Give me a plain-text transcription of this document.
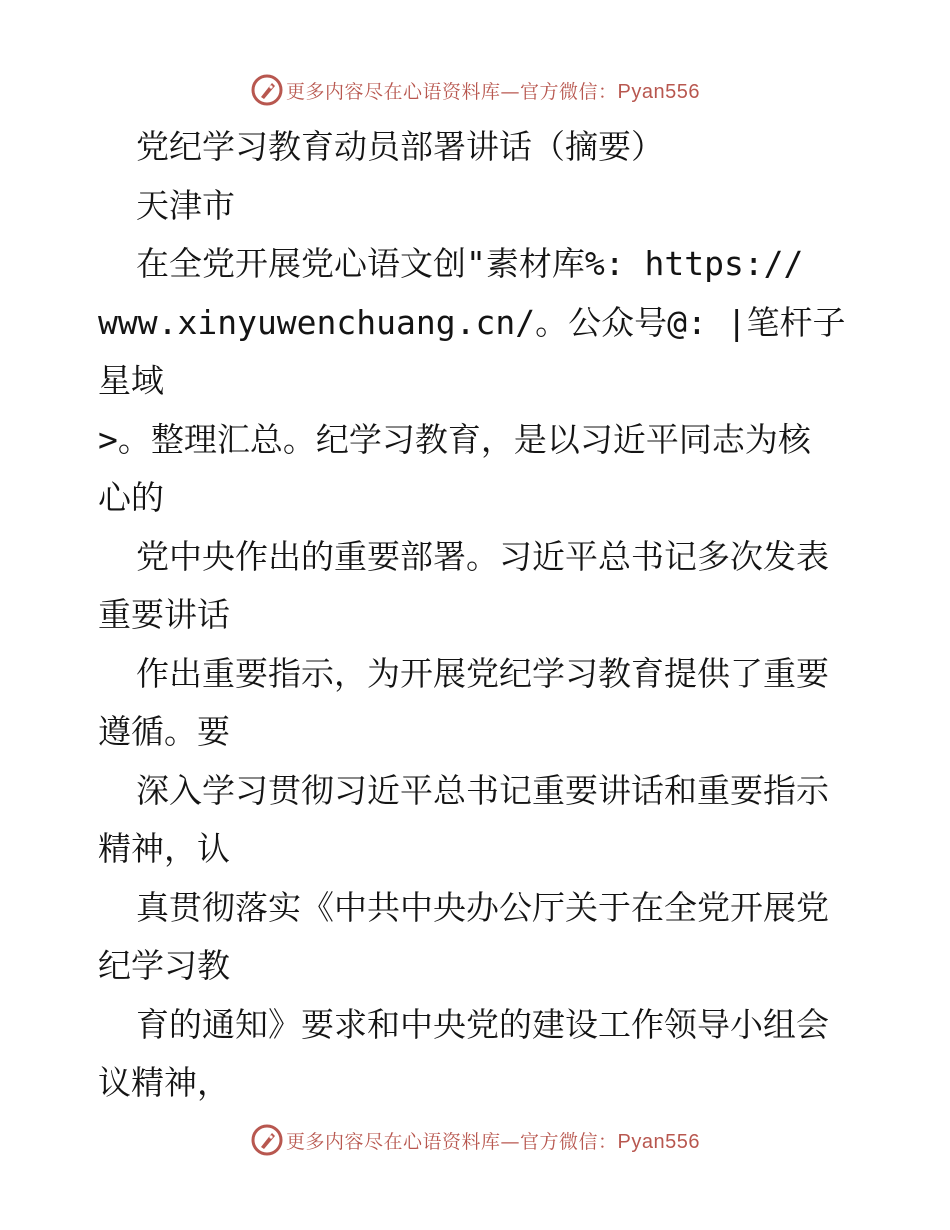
更多内容尽在心语资料库—官方微信：Pyan556

党纪学习教育动员部署讲话（摘要）

天津市

在全党开展党心语文创"素材库%: https://

www.xinyuwenchuang.cn/。公众号@: |笔杆子星域

>。整理汇总。纪学习教育，是以习近平同志为核

心的

党中央作出的重要部署。习近平总书记多次发表

重要讲话

作出重要指示，为开展党纪学习教育提供了重要

遵循。要

深入学习贯彻习近平总书记重要讲话和重要指示

精神，认

真贯彻落实《中共中央办公厅关于在全党开展党

纪学习教

育的通知》要求和中央党的建设工作领导小组会

议精神，

更多内容尽在心语资料库—官方微信：Pyan556
